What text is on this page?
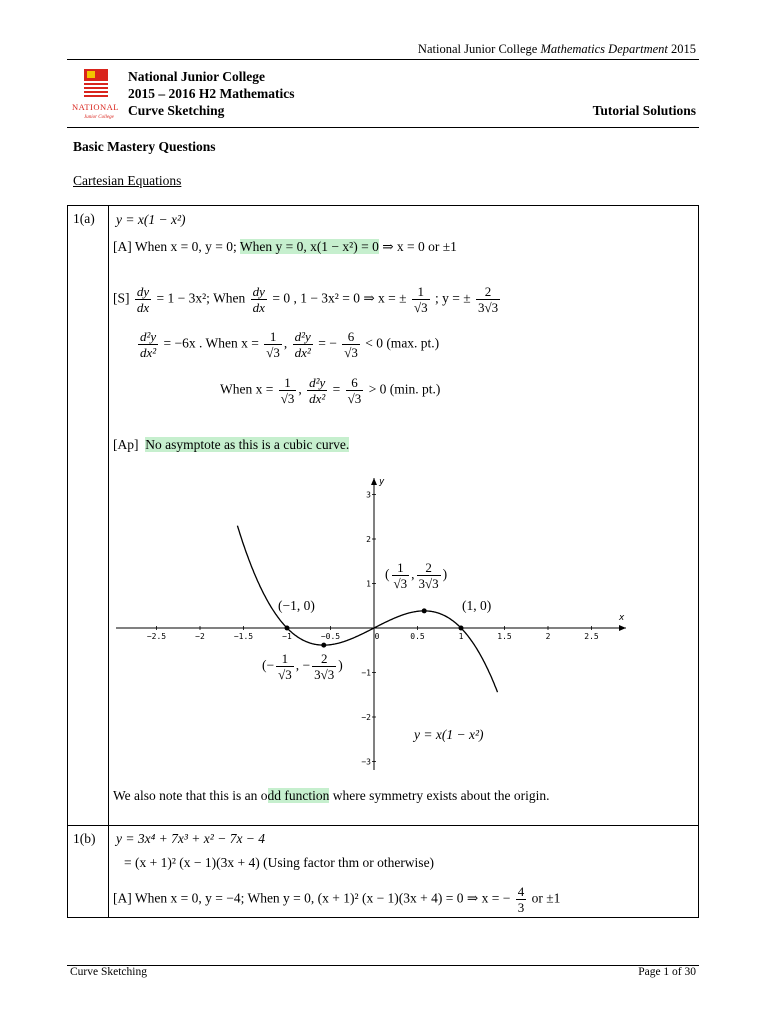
National Junior College Mathematics Department 2015
NATIONAL
Junior College
National Junior College
2015 – 2016 H2 Mathematics
Curve Sketching	Tutorial Solutions
Basic Mastery Questions
Cartesian Equations
1(a) y = x(1 − x²)
[A] When x = 0, y = 0; When y = 0, x(1 − x²) = 0 ⇒ x = 0 or ±1
$[S] \frac{dy}{dx} = 1 - 3x^2$; When $\frac{dy}{dx} = 0$ , 1 − 3x² = 0 ⇒ x = ± $\frac{1}{√3}$ ; y = ± $\frac{2}{3√3}$
$\frac{\text{d²y}}{\text{dx²}} = -6x$ . When $x = \frac{1}{√3}$ , $\frac{\text{d²y}}{\text{dx²}}$ = − $\frac{6}{√3} < 0$ (max. pt.)
When $x = \frac{1}{√3}$ , $\frac{\text{d²y}}{\text{dx²}} = \frac{6}{√3} > 0$ (min. pt.)
[Ap] No asymptote as this is a cubic curve.
−2.5	−2	−1.5	−1	−0.5	0	0.5	1	1.5	2	2.5
3
2
1
−1
−2
−3
x
y
(−1, 0)	(1, 0)
( $\frac{1}{√3}$ , $\frac{2}{3√3}$ )
(− $\frac{1}{√3}$ , − $\frac{2}{3√3}$ )
y = x(1 − x²)
We also note that this is an odd function where symmetry exists about the origin.
1(b) y = 3x⁴ + 7x³ + x² − 7x − 4
= (x + 1)² (x − 1)(3x + 4) (Using factor thm or otherwise)
[A] When x = 0, y = −4; When y = 0, (x + 1)² (x − 1)(3x + 4) = 0 ⇒ x = − $\frac{4}{3}$ or ±1
Curve Sketching	Page 1 of 30
